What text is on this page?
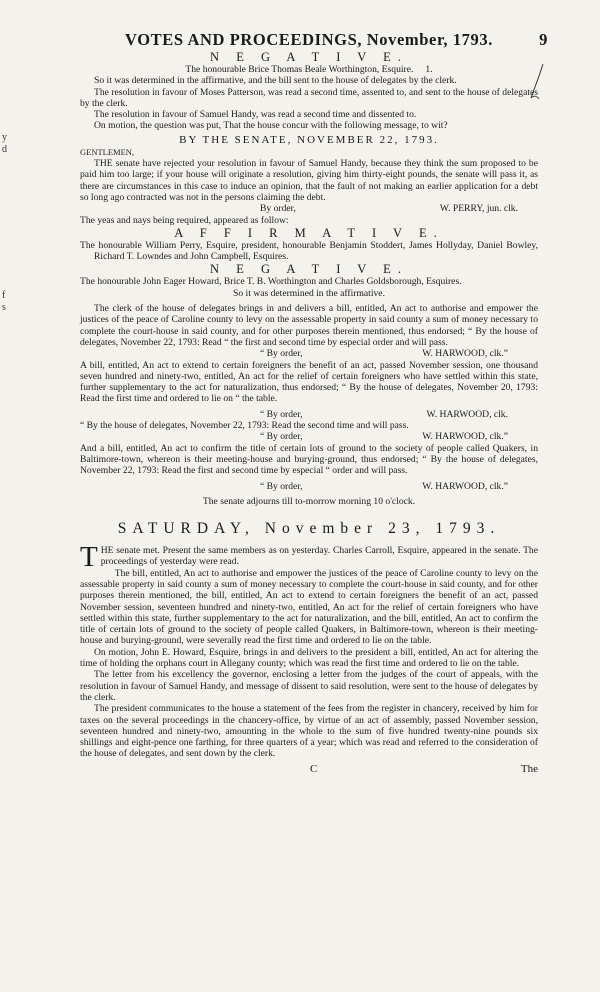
y
d
f
s
VOTES AND PROCEEDINGS, November, 1793.	9
N E G A T I V E.
The honourable Brice Thomas Beale Worthington, Esquire. 1.

So it was determined in the affirmative, and the bill sent to the house of delegates by the clerk.

The resolution in favour of Moses Patterson, was read a second time, assented to, and sent to the house of delegates by the clerk.

The resolution in favour of Samuel Handy, was read a second time and dissented to.

On motion, the question was put, That the house concur with the following message, to wit?

BY THE SENATE, NOVEMBER 22, 1793.

GENTLEMEN,

THE senate have rejected your resolution in favour of Samuel Handy, because they think the sum proposed to be paid him too large; if your house will originate a resolution, giving him thirty-eight pounds, the senate will pass it, as there are circumstances in this case to induce an opinion, that the fault of not making an earlier application for a debt so long ago contracted was not in the persons claiming the debt.

By order,	W. PERRY, jun. clk.

The yeas and nays being required, appeared as follow:

A F F I R M A T I V E.

The honourable William Perry, Esquire, president, honourable Benjamin Stoddert, James Hollyday, Daniel Bowley, Richard T. Lowndes and John Campbell, Esquires.

N E G A T I V E.

The honourable John Eager Howard, Brice T. B. Worthington and Charles Goldsborough, Esquires.

So it was determined in the affirmative.

The clerk of the house of delegates brings in and delivers a bill, entitled, An act to authorise and empower the justices of the peace of Caroline county to levy on the assessable property in said county a sum of money necessary to complete the court-house in said county, and for other purposes therein mentioned, thus endorsed; “ By the house of delegates, November 22, 1793: Read “ the first and second time by especial order and will pass.

“ By order,	W. HARWOOD, clk.”

A bill, entitled, An act to extend to certain foreigners the benefit of an act, passed November session, one thousand seven hundred and ninety-two, entitled, An act for the relief of certain foreigners who have settled within this state, further supplementary to the act for naturalization, thus endorsed; “ By the house of delegates, November 20, 1793: Read the first time and ordered to lie on “ the table.

“ By order,	W. HARWOOD, clk.

“ By the house of delegates, November 22, 1793: Read the second time and will pass.

“ By order,	W. HARWOOD, clk.”

And a bill, entitled, An act to confirm the title of certain lots of ground to the society of people called Quakers, in Baltimore-town, whereon is their meeting-house and burying-ground, thus endorsed; “ By the house of delegates, November 22, 1793: Read the first and second time by especial “ order and will pass.

“ By order,	W. HARWOOD, clk.”
The senate adjourns till to-morrow morning 10 o'clock.
SATURDAY, November 23, 1793.

THE senate met. Present the same members as on yesterday. Charles Carroll, Esquire, appeared in the senate. The proceedings of yesterday were read.

The bill, entitled, An act to authorise and empower the justices of the peace of Caroline county to levy on the assessable property in said county a sum of money necessary to complete the court-house in said county, and for other purposes therein mentioned, the bill, entitled, An act to extend to certain foreigners the benefit of an act, passed November session, seventeen hundred and ninety-two, entitled, An act for the relief of certain foreigners who have settled within this state, further supplementary to the act for naturalization, and the bill, entitled, An act to confirm the title of certain lots of ground to the society of people called Quakers, in Baltimore-town, whereon is their meeting-house and burying-ground, were severally read the first time and ordered to lie on the table.

On motion, John E. Howard, Esquire, brings in and delivers to the president a bill, entitled, An act for altering the time of holding the orphans court in Allegany county; which was read the first time and ordered to lie on the table.

The letter from his excellency the governor, enclosing a letter from the judges of the court of appeals, with the resolution in favour of Samuel Handy, and message of dissent to said resolution, were sent to the house of delegates by the clerk.

The president communicates to the house a statement of the fees from the register in chancery, received by him for taxes on the several proceedings in the chancery-office, by virtue of an act of assembly, passed November session, seventeen hundred and ninety-two, amounting in the whole to the sum of five hundred twenty-nine pounds six shillings and eight-pence one farthing, for three quarters of a year; which was read and referred to the consideration of the house of delegates, and sent down by the clerk.

C	The
